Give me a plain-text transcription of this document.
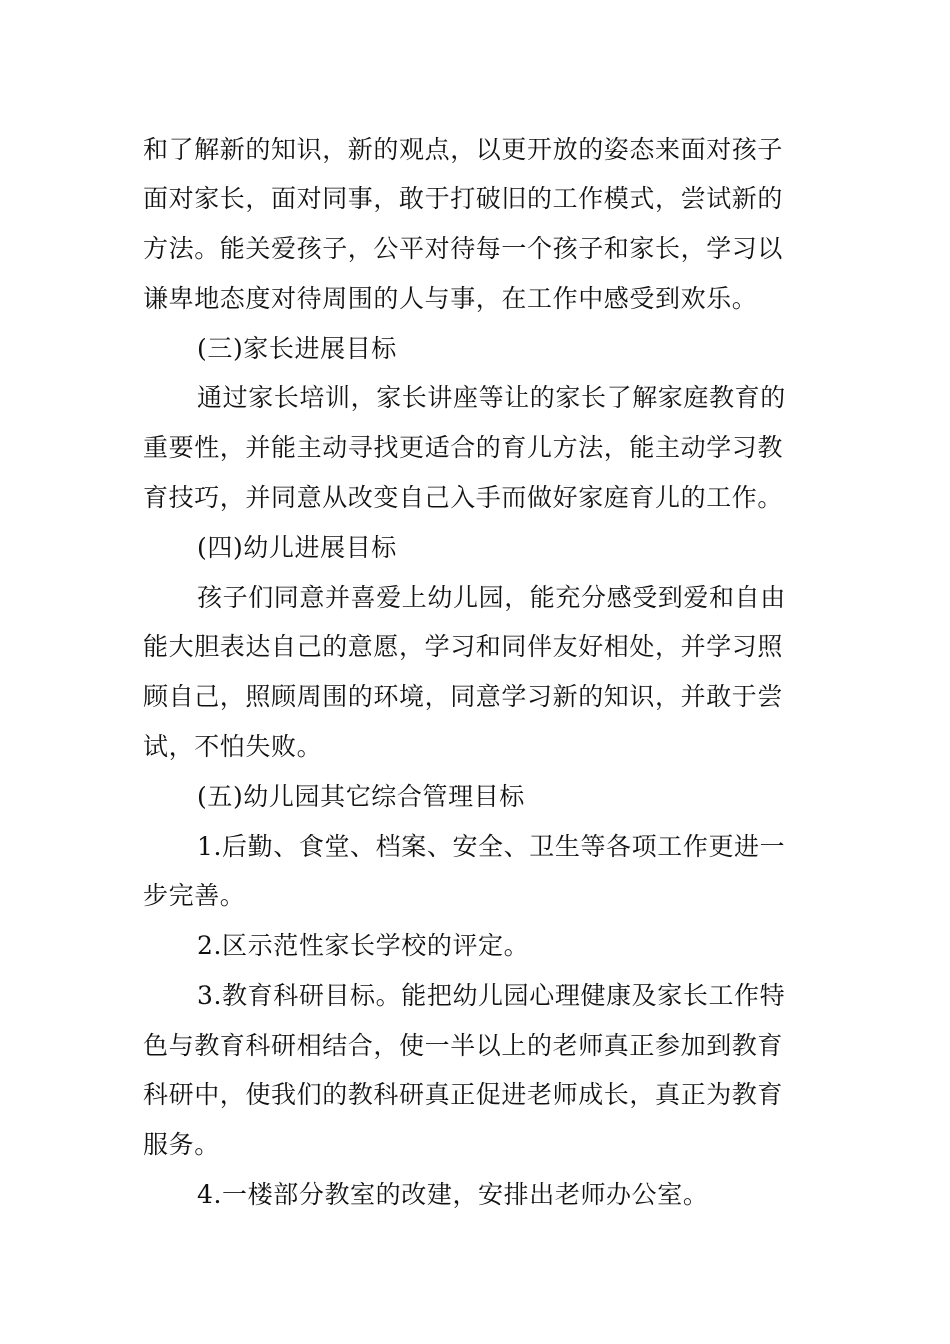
和了解新的知识，新的观点，以更开放的姿态来面对孩子
面对家长，面对同事，敢于打破旧的工作模式，尝试新的
方法。能关爱孩子，公平对待每一个孩子和家长，学习以
谦卑地态度对待周围的人与事，在工作中感受到欢乐。
(三)家长进展目标
通过家长培训，家长讲座等让的家长了解家庭教育的
重要性，并能主动寻找更适合的育儿方法，能主动学习教
育技巧，并同意从改变自己入手而做好家庭育儿的工作。
(四)幼儿进展目标
孩子们同意并喜爱上幼儿园，能充分感受到爱和自由
能大胆表达自己的意愿，学习和同伴友好相处，并学习照
顾自己，照顾周围的环境，同意学习新的知识，并敢于尝
试，不怕失败。
(五)幼儿园其它综合管理目标
1.后勤、食堂、档案、安全、卫生等各项工作更进一
步完善。
2.区示范性家长学校的评定。
3.教育科研目标。能把幼儿园心理健康及家长工作特
色与教育科研相结合，使一半以上的老师真正参加到教育
科研中，使我们的教科研真正促进老师成长，真正为教育
服务。
4.一楼部分教室的改建，安排出老师办公室。
